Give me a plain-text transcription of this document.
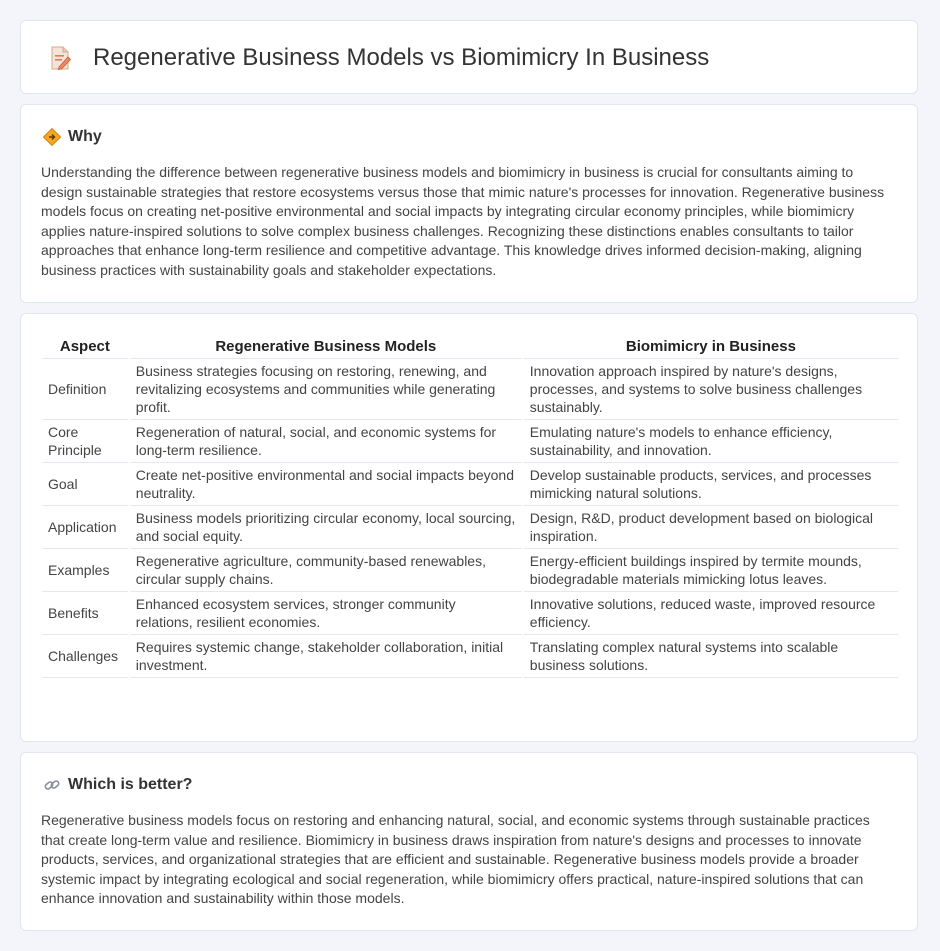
Regenerative Business Models vs Biomimicry In Business
Why

Understanding the difference between regenerative business models and biomimicry in business is crucial for consultants aiming to design sustainable strategies that restore ecosystems versus those that mimic nature's processes for innovation. Regenerative business models focus on creating net-positive environmental and social impacts by integrating circular economy principles, while biomimicry applies nature-inspired solutions to solve complex business challenges. Recognizing these distinctions enables consultants to tailor approaches that enhance long-term resilience and competitive advantage. This knowledge drives informed decision-making, aligning business practices with sustainability goals and stakeholder expectations.

Aspect	Regenerative Business Models	Biomimicry in Business
Definition	Business strategies focusing on restoring, renewing, and revitalizing ecosystems and communities while generating profit.	Innovation approach inspired by nature's designs, processes, and systems to solve business challenges sustainably.
Core Principle	Regeneration of natural, social, and economic systems for long-term resilience.	Emulating nature's models to enhance efficiency, sustainability, and innovation.
Goal	Create net-positive environmental and social impacts beyond neutrality.	Develop sustainable products, services, and processes mimicking natural solutions.
Application	Business models prioritizing circular economy, local sourcing, and social equity.	Design, R&D, product development based on biological inspiration.
Examples	Regenerative agriculture, community-based renewables, circular supply chains.	Energy-efficient buildings inspired by termite mounds, biodegradable materials mimicking lotus leaves.
Benefits	Enhanced ecosystem services, stronger community relations, resilient economies.	Innovative solutions, reduced waste, improved resource efficiency.
Challenges	Requires systemic change, stakeholder collaboration, initial investment.	Translating complex natural systems into scalable business solutions.
Which is better?

Regenerative business models focus on restoring and enhancing natural, social, and economic systems through sustainable practices that create long-term value and resilience. Biomimicry in business draws inspiration from nature's designs and processes to innovate products, services, and organizational strategies that are efficient and sustainable. Regenerative business models provide a broader systemic impact by integrating ecological and social regeneration, while biomimicry offers practical, nature-inspired solutions that can enhance innovation and sustainability within those models.
